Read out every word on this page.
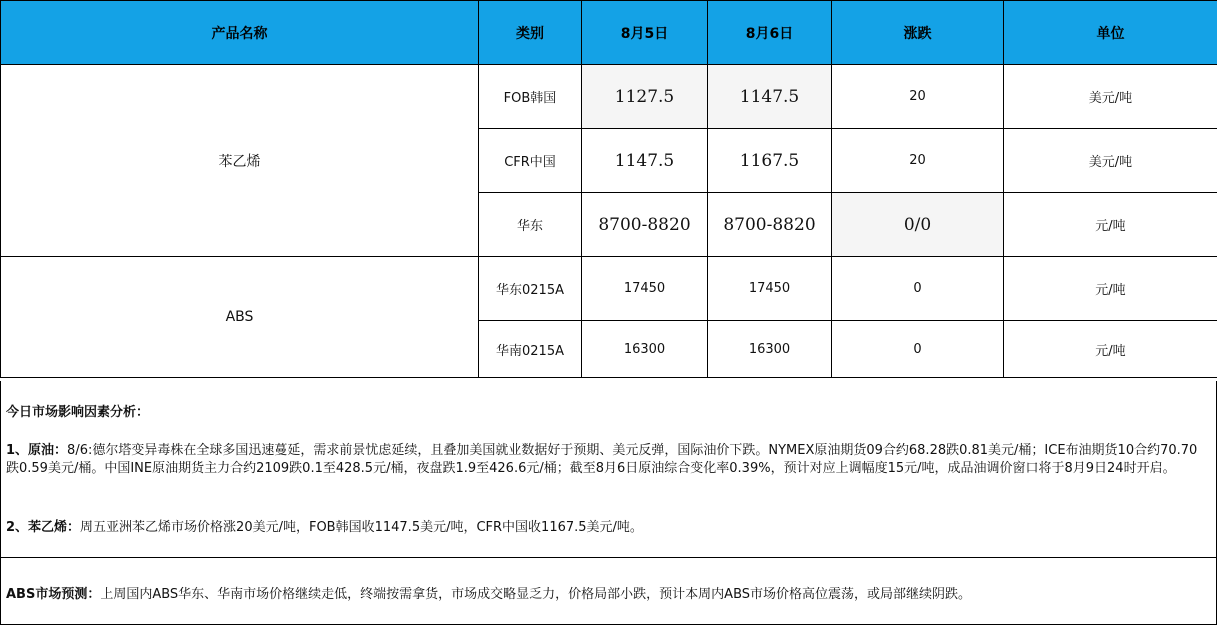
产品名称	类别	8月5日	8月6日	涨跌	单位
苯乙烯	FOB韩国	1127.5	1147.5	20	美元/吨
	CFR中国	1147.5	1167.5	20	美元/吨
	华东	8700-8820	8700-8820	0/0	元/吨
ABS	华东0215A	17450	17450	0	元/吨
	华南0215A	16300	16300	0	元/吨
今日市场影响因素分析：
1、原油：8/6:德尔塔变异毒株在全球多国迅速蔓延，需求前景忧虑延续，且叠加美国就业数据好于预期、美元反弹，国际油价下跌。NYMEX原油期货09合约68.28跌0.81美元/桶；ICE布油期货10合约70.70跌0.59美元/桶。中国INE原油期货主力合约2109跌0.1至428.5元/桶，夜盘跌1.9至426.6元/桶；截至8月6日原油综合变化率0.39%，预计对应上调幅度15元/吨，成品油调价窗口将于8月9日24时开启。
2、苯乙烯：周五亚洲苯乙烯市场价格涨20美元/吨，FOB韩国收1147.5美元/吨，CFR中国收1167.5美元/吨。
ABS市场预测：上周国内ABS华东、华南市场价格继续走低，终端按需拿货，市场成交略显乏力，价格局部小跌，预计本周内ABS市场价格高位震荡，或局部继续阴跌。
